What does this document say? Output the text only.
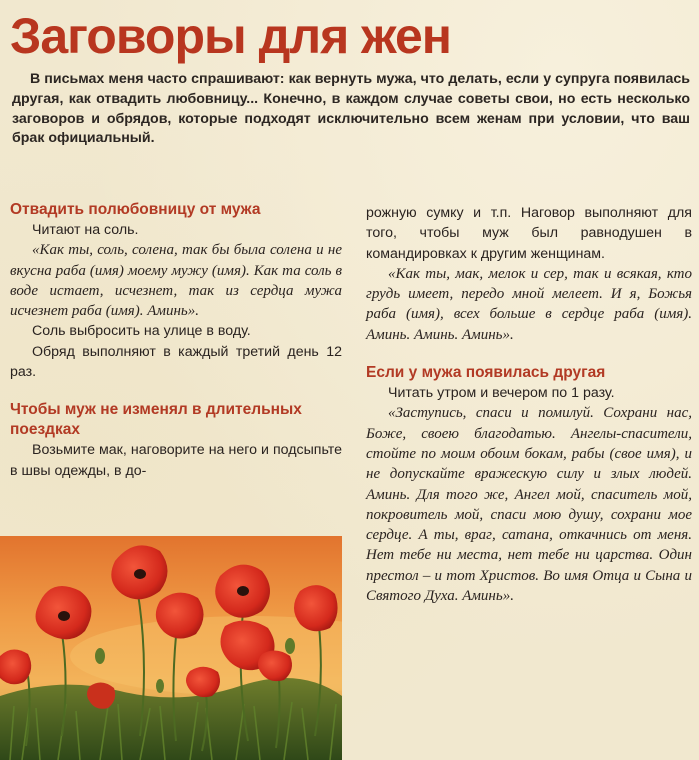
Заговоры для жен
В письмах меня часто спрашивают: как вернуть мужа, что делать, если у супруга появилась другая, как отвадить любовницу... Конечно, в каждом случае советы свои, но есть несколько заговоров и обрядов, которые подходят исключительно всем женам при условии, что ваш брак официальный.
Отвадить полюбовницу от мужа

Читают на соль.

«Как ты, соль, солена, так бы была солена и не вкусна раба (имя) моему мужу (имя). Как та соль в воде истает, исчезнет, так из сердца мужа исчезнет раба (имя). Аминь».

Соль выбросить на улице в воду.

Обряд выполняют в каждый третий день 12 раз.

Чтобы муж не изменял в длительных поездках

Возьмите мак, наговорите на него и подсыпьте в швы одежды, в до-

рожную сумку и т.п. Наговор выполняют для того, чтобы муж был равнодушен в командировках к другим женщинам.

«Как ты, мак, мелок и сер, так и всякая, кто грудь имеет, передо мной мелеет. И я, Божья раба (имя), всех больше в сердце раба (имя). Аминь. Аминь. Аминь».

Если у мужа появилась другая

Читать утром и вечером по 1 разу.

«Заступись, спаси и помилуй. Сохрани нас, Боже, своею благодатью. Ангелы-спасители, стойте по моим обоим бокам, рабы (свое имя), и не допускайте вражескую силу и злых людей. Аминь. Для того же, Ангел мой, спаситель мой, покровитель мой, спаси мою душу, сохрани мое сердце. А ты, враг, сатана, откачнись от меня. Нет тебе ни места, нет тебе ни царства. Один престол – и тот Христов. Во имя Отца и Сына и Святого Духа. Аминь».
